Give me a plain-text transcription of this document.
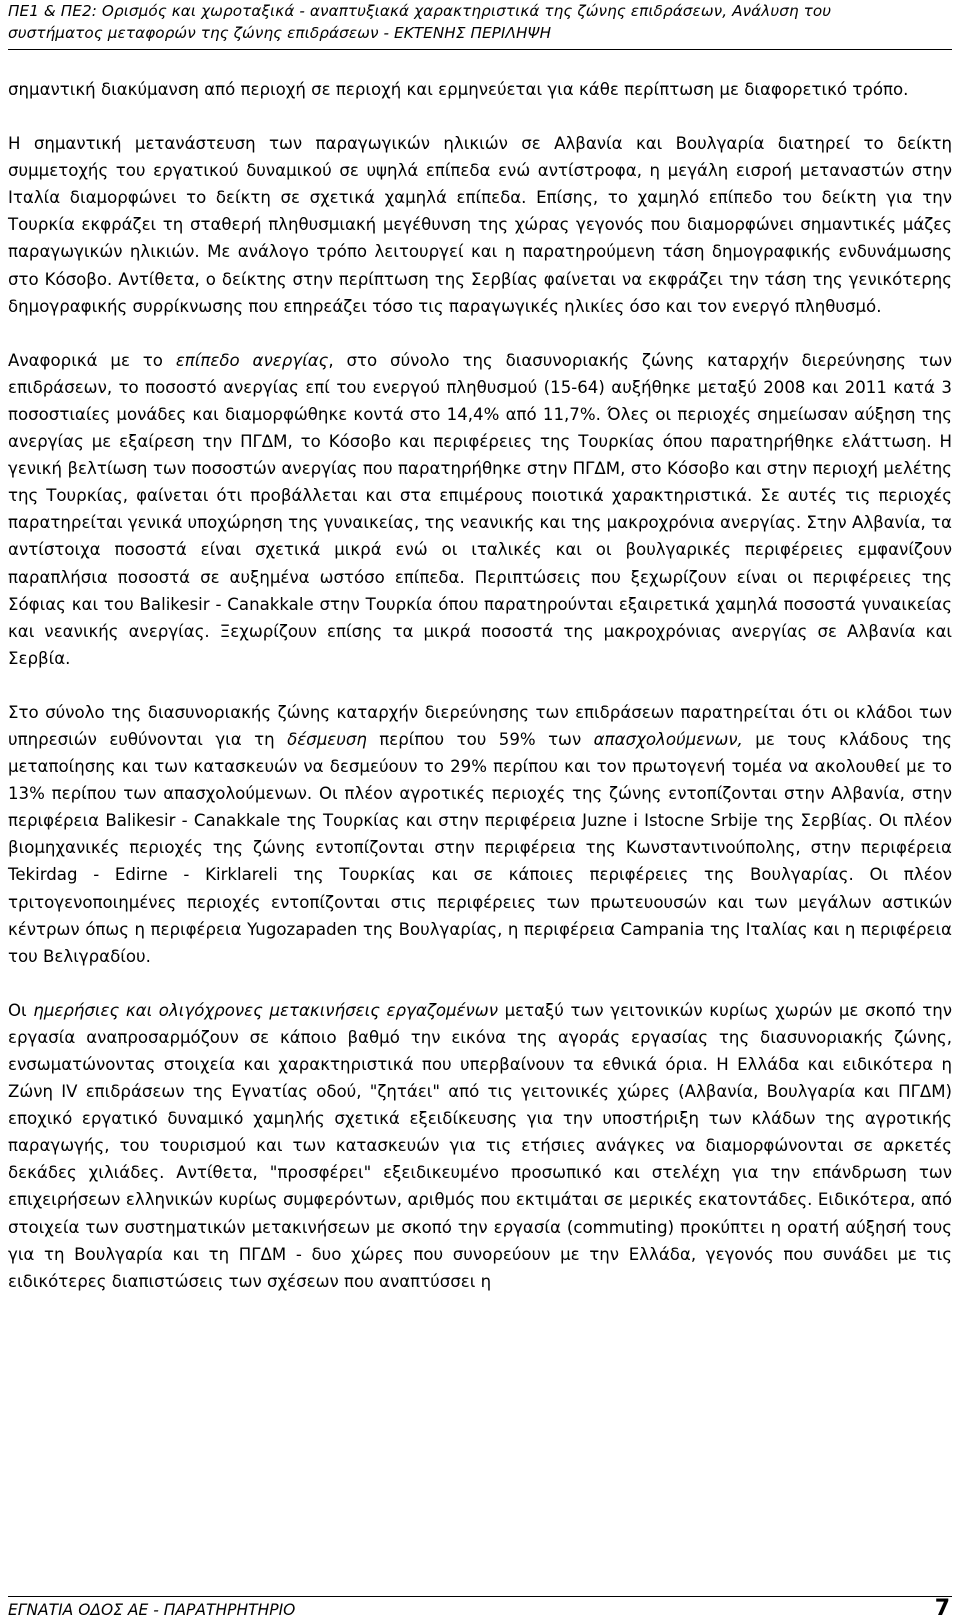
ΠΕ1 & ΠΕ2: Ορισμός και χωροταξικά - αναπτυξιακά χαρακτηριστικά της ζώνης επιδράσεων, Ανάλυση του
συστήματος μεταφορών της ζώνης επιδράσεων - ΕΚΤΕΝΗΣ ΠΕΡΙΛΗΨΗ

σημαντική διακύμανση από περιοχή σε περιοχή και ερμηνεύεται για κάθε περίπτωση με διαφορετικό τρόπο.

Η σημαντική μετανάστευση των παραγωγικών ηλικιών σε Αλβανία και Βουλγαρία διατηρεί το δείκτη συμμετοχής του εργατικού δυναμικού σε υψηλά επίπεδα ενώ αντίστροφα, η μεγάλη εισροή μεταναστών στην Ιταλία διαμορφώνει το δείκτη σε σχετικά χαμηλά επίπεδα. Επίσης, το χαμηλό επίπεδο του δείκτη για την Τουρκία εκφράζει τη σταθερή πληθυσμιακή μεγέθυνση της χώρας γεγονός που διαμορφώνει σημαντικές μάζες παραγωγικών ηλικιών. Με ανάλογο τρόπο λειτουργεί και η παρατηρούμενη τάση δημογραφικής ενδυνάμωσης στο Κόσοβο. Αντίθετα, ο δείκτης στην περίπτωση της Σερβίας φαίνεται να εκφράζει την τάση της γενικότερης δημογραφικής συρρίκνωσης που επηρεάζει τόσο τις παραγωγικές ηλικίες όσο και τον ενεργό πληθυσμό.

Αναφορικά με το επίπεδο ανεργίας, στο σύνολο της διασυνοριακής ζώνης καταρχήν διερεύνησης των επιδράσεων, το ποσοστό ανεργίας επί του ενεργού πληθυσμού (15-64) αυξήθηκε μεταξύ 2008 και 2011 κατά 3 ποσοστιαίες μονάδες και διαμορφώθηκε κοντά στο 14,4% από 11,7%. Όλες οι περιοχές σημείωσαν αύξηση της ανεργίας με εξαίρεση την ΠΓΔΜ, το Κόσοβο και περιφέρειες της Τουρκίας όπου παρατηρήθηκε ελάττωση. Η γενική βελτίωση των ποσοστών ανεργίας που παρατηρήθηκε στην ΠΓΔΜ, στο Κόσοβο και στην περιοχή μελέτης της Τουρκίας, φαίνεται ότι προβάλλεται και στα επιμέρους ποιοτικά χαρακτηριστικά. Σε αυτές τις περιοχές παρατηρείται γενικά υποχώρηση της γυναικείας, της νεανικής και της μακροχρόνια ανεργίας. Στην Αλβανία, τα αντίστοιχα ποσοστά είναι σχετικά μικρά ενώ οι ιταλικές και οι βουλγαρικές περιφέρειες εμφανίζουν παραπλήσια ποσοστά σε αυξημένα ωστόσο επίπεδα. Περιπτώσεις που ξεχωρίζουν είναι οι περιφέρειες της Σόφιας και του Balikesir - Canakkale στην Τουρκία όπου παρατηρούνται εξαιρετικά χαμηλά ποσοστά γυναικείας και νεανικής ανεργίας. Ξεχωρίζουν επίσης τα μικρά ποσοστά της μακροχρόνιας ανεργίας σε Αλβανία και Σερβία.

Στο σύνολο της διασυνοριακής ζώνης καταρχήν διερεύνησης των επιδράσεων παρατηρείται ότι οι κλάδοι των υπηρεσιών ευθύνονται για τη δέσμευση περίπου του 59% των απασχολούμενων, με τους κλάδους της μεταποίησης και των κατασκευών να δεσμεύουν το 29% περίπου και τον πρωτογενή τομέα να ακολουθεί με το 13% περίπου των απασχολούμενων. Οι πλέον αγροτικές περιοχές της ζώνης εντοπίζονται στην Αλβανία, στην περιφέρεια Balikesir - Canakkale της Τουρκίας και στην περιφέρεια Juzne i Istocne Srbije της Σερβίας. Οι πλέον βιομηχανικές περιοχές της ζώνης εντοπίζονται στην περιφέρεια της Κωνσταντινούπολης, στην περιφέρεια Tekirdag - Edirne - Kirklareli της Τουρκίας και σε κάποιες περιφέρειες της Βουλγαρίας. Οι πλέον τριτογενοποιημένες περιοχές εντοπίζονται στις περιφέρειες των πρωτευουσών και των μεγάλων αστικών κέντρων όπως η περιφέρεια Yugozapaden της Βουλγαρίας, η περιφέρεια Campania της Ιταλίας και η περιφέρεια του Βελιγραδίου.

Οι ημερήσιες και ολιγόχρονες μετακινήσεις εργαζομένων μεταξύ των γειτονικών κυρίως χωρών με σκοπό την εργασία αναπροσαρμόζουν σε κάποιο βαθμό την εικόνα της αγοράς εργασίας της διασυνοριακής ζώνης, ενσωματώνοντας στοιχεία και χαρακτηριστικά που υπερβαίνουν τα εθνικά όρια. Η Ελλάδα και ειδικότερα η Ζώνη IV επιδράσεων της Εγνατίας οδού, "ζητάει" από τις γειτονικές χώρες (Αλβανία, Βουλγαρία και ΠΓΔΜ) εποχικό εργατικό δυναμικό χαμηλής σχετικά εξειδίκευσης για την υποστήριξη των κλάδων της αγροτικής παραγωγής, του τουρισμού και των κατασκευών για τις ετήσιες ανάγκες να διαμορφώνονται σε αρκετές δεκάδες χιλιάδες. Αντίθετα, "προσφέρει" εξειδικευμένο προσωπικό και στελέχη για την επάνδρωση των επιχειρήσεων ελληνικών κυρίως συμφερόντων, αριθμός που εκτιμάται σε μερικές εκατοντάδες. Ειδικότερα, από στοιχεία των συστηματικών μετακινήσεων με σκοπό την εργασία (commuting) προκύπτει η ορατή αύξησή τους για τη Βουλγαρία και τη ΠΓΔΜ - δυο χώρες που συνορεύουν με την Ελλάδα, γεγονός που συνάδει με τις ειδικότερες διαπιστώσεις των σχέσεων που αναπτύσσει η

ΕΓΝΑΤΙΑ ΟΔΟΣ ΑΕ - ΠΑΡΑΤΗΡΗΤΗΡΙΟ	7
